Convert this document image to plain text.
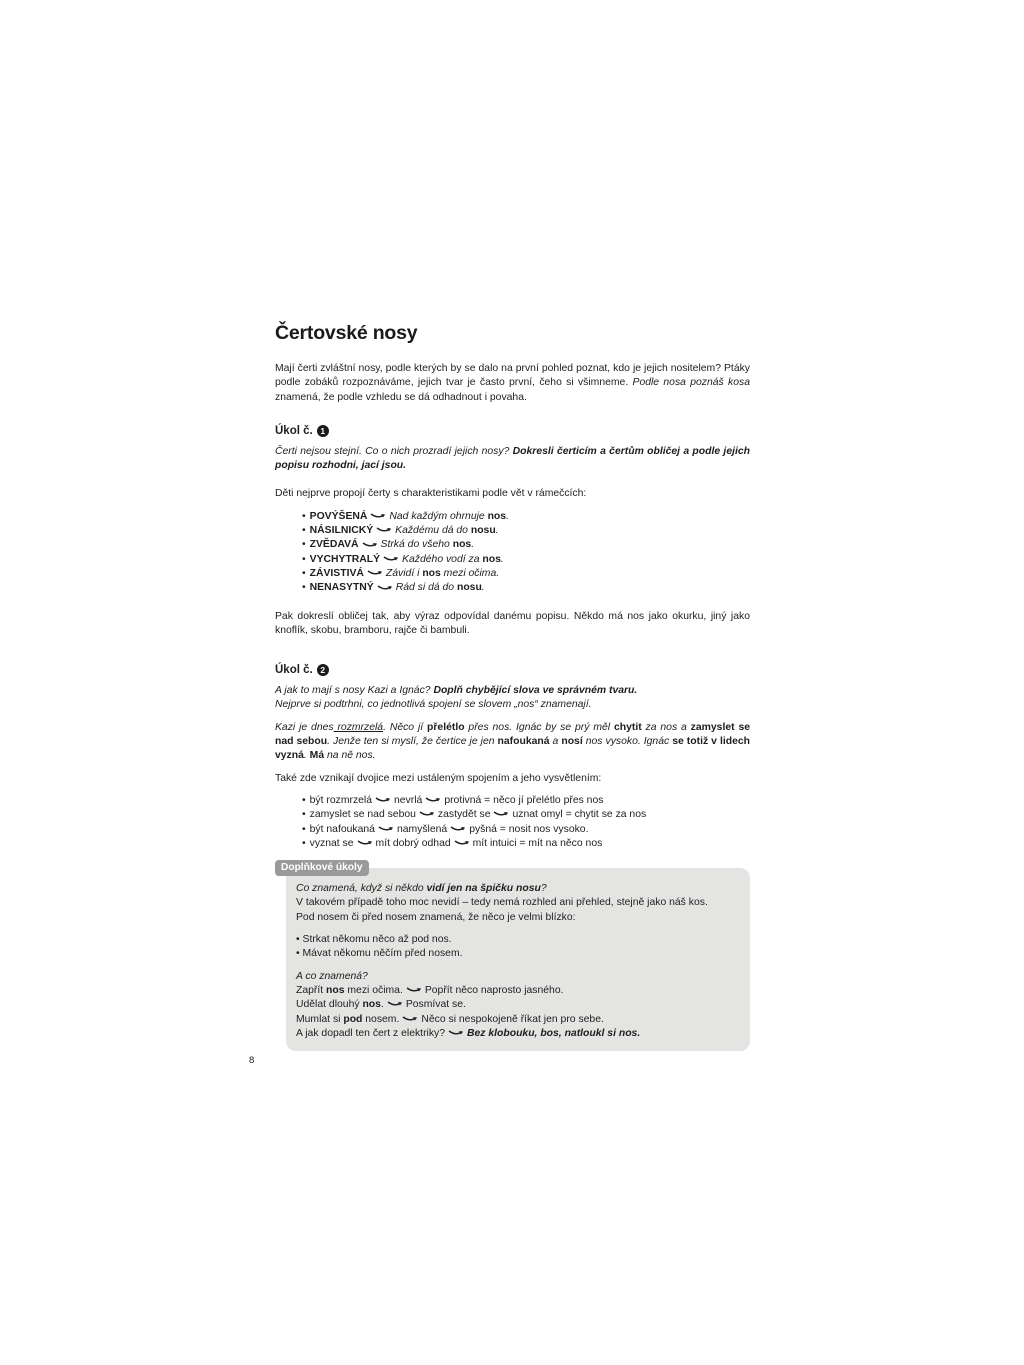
Čertovské nosy

Mají čerti zvláštní nosy, podle kterých by se dalo na první pohled poznat, kdo je jejich nositelem? Ptáky podle zobáků rozpoznáváme, jejich tvar je často první, čeho si všimneme. Podle nosa poznáš kosa znamená, že podle vzhledu se dá odhadnout i povaha.

Úkol č. 1

Čerti nejsou stejní. Co o nich prozradí jejich nosy? Dokresli čerticím a čertům obličej a podle jejich popisu rozhodni, jací jsou.

Děti nejprve propojí čerty s charakteristikami podle vět v rámečcích:

• POVÝŠENÁ Nad každým ohrnuje nos.
• NÁSILNICKÝ Každému dá do nosu.
• ZVĚDAVÁ Strká do všeho nos.
• VYCHYTRALÝ Každého vodí za nos.
• ZÁVISTIVÁ Závidí i nos mezi očima.
• NENASYTNÝ Rád si dá do nosu.

Pak dokreslí obličej tak, aby výraz odpovídal danému popisu. Někdo má nos jako okurku, jiný jako knoflík, skobu, bramboru, rajče či bambuli.

Úkol č. 2

A jak to mají s nosy Kazi a Ignác? Doplň chybějící slova ve správném tvaru.

Nejprve si podtrhni, co jednotlivá spojení se slovem „nos“ znamenají.

Kazi je dnes rozmrzelá. Něco jí přelétlo přes nos. Ignác by se prý měl chytit za nos a zamyslet se nad sebou. Jenže ten si myslí, že čertice je jen nafoukaná a nosí nos vysoko. Ignác se totiž v lidech vyzná. Má na ně nos.

Také zde vznikají dvojice mezi ustáleným spojením a jeho vysvětlením:

• být rozmrzelá nevrlá protivná = něco jí přelétlo přes nos
• zamyslet se nad sebou zastydět se uznat omyl = chytit se za nos
• být nafoukaná namyšlená pyšná = nosit nos vysoko.
• vyznat se mít dobrý odhad mít intuici = mít na něco nos
Doplňkové úkoly

Co znamená, když si někdo vidí jen na špičku nosu?

V takovém případě toho moc nevidí – tedy nemá rozhled ani přehled, stejně jako náš kos.

Pod nosem či před nosem znamená, že něco je velmi blízko:

• Strkat někomu něco až pod nos.

• Mávat někomu něčím před nosem.

A co znamená?

Zapřít nos mezi očima. Popřít něco naprosto jasného.

Udělat dlouhý nos. Posmívat se.

Mumlat si pod nosem. Něco si nespokojeně říkat jen pro sebe.

A jak dopadl ten čert z elektriky? Bez klobouku, bos, natloukl si nos.

8
